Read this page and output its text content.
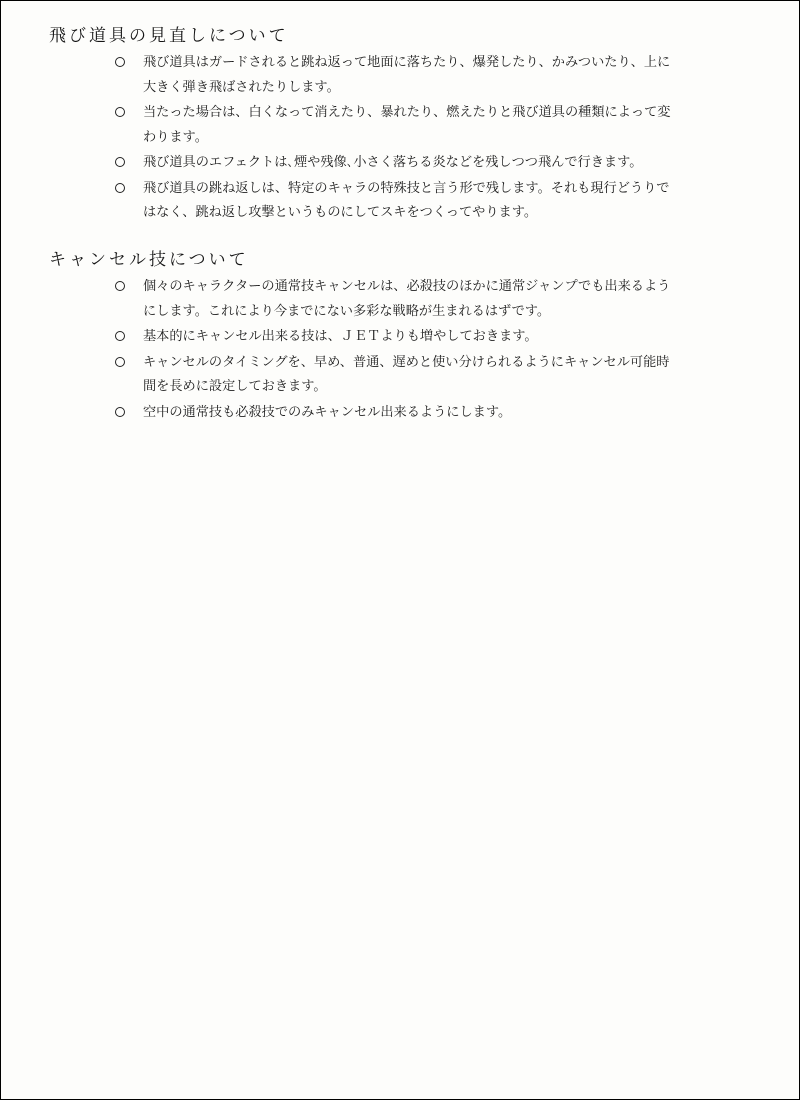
飛び道具の見直しについて
飛び道具はガードされると跳ね返って地面に落ちたり、爆発したり、かみついたり、上に
大きく弾き飛ばされたりします。
当たった場合は、白くなって消えたり、暴れたり、燃えたりと飛び道具の種類によって変
わります。
飛び道具のエフェクトは､煙や残像､小さく落ちる炎などを残しつつ飛んで行きます。
飛び道具の跳ね返しは、特定のキャラの特殊技と言う形で残します。それも現行どうりで
はなく、跳ね返し攻撃というものにしてスキをつくってやります。
キャンセル技について
個々のキャラクターの通常技キャンセルは、必殺技のほかに通常ジャンプでも出来るよう
にします。これにより今までにない多彩な戦略が生まれるはずです。
基本的にキャンセル出来る技は、ＪＥＴよりも増やしておきます。
キャンセルのタイミングを、早め、普通、遅めと使い分けられるようにキャンセル可能時
間を長めに設定しておきます。
空中の通常技も必殺技でのみキャンセル出来るようにします。
